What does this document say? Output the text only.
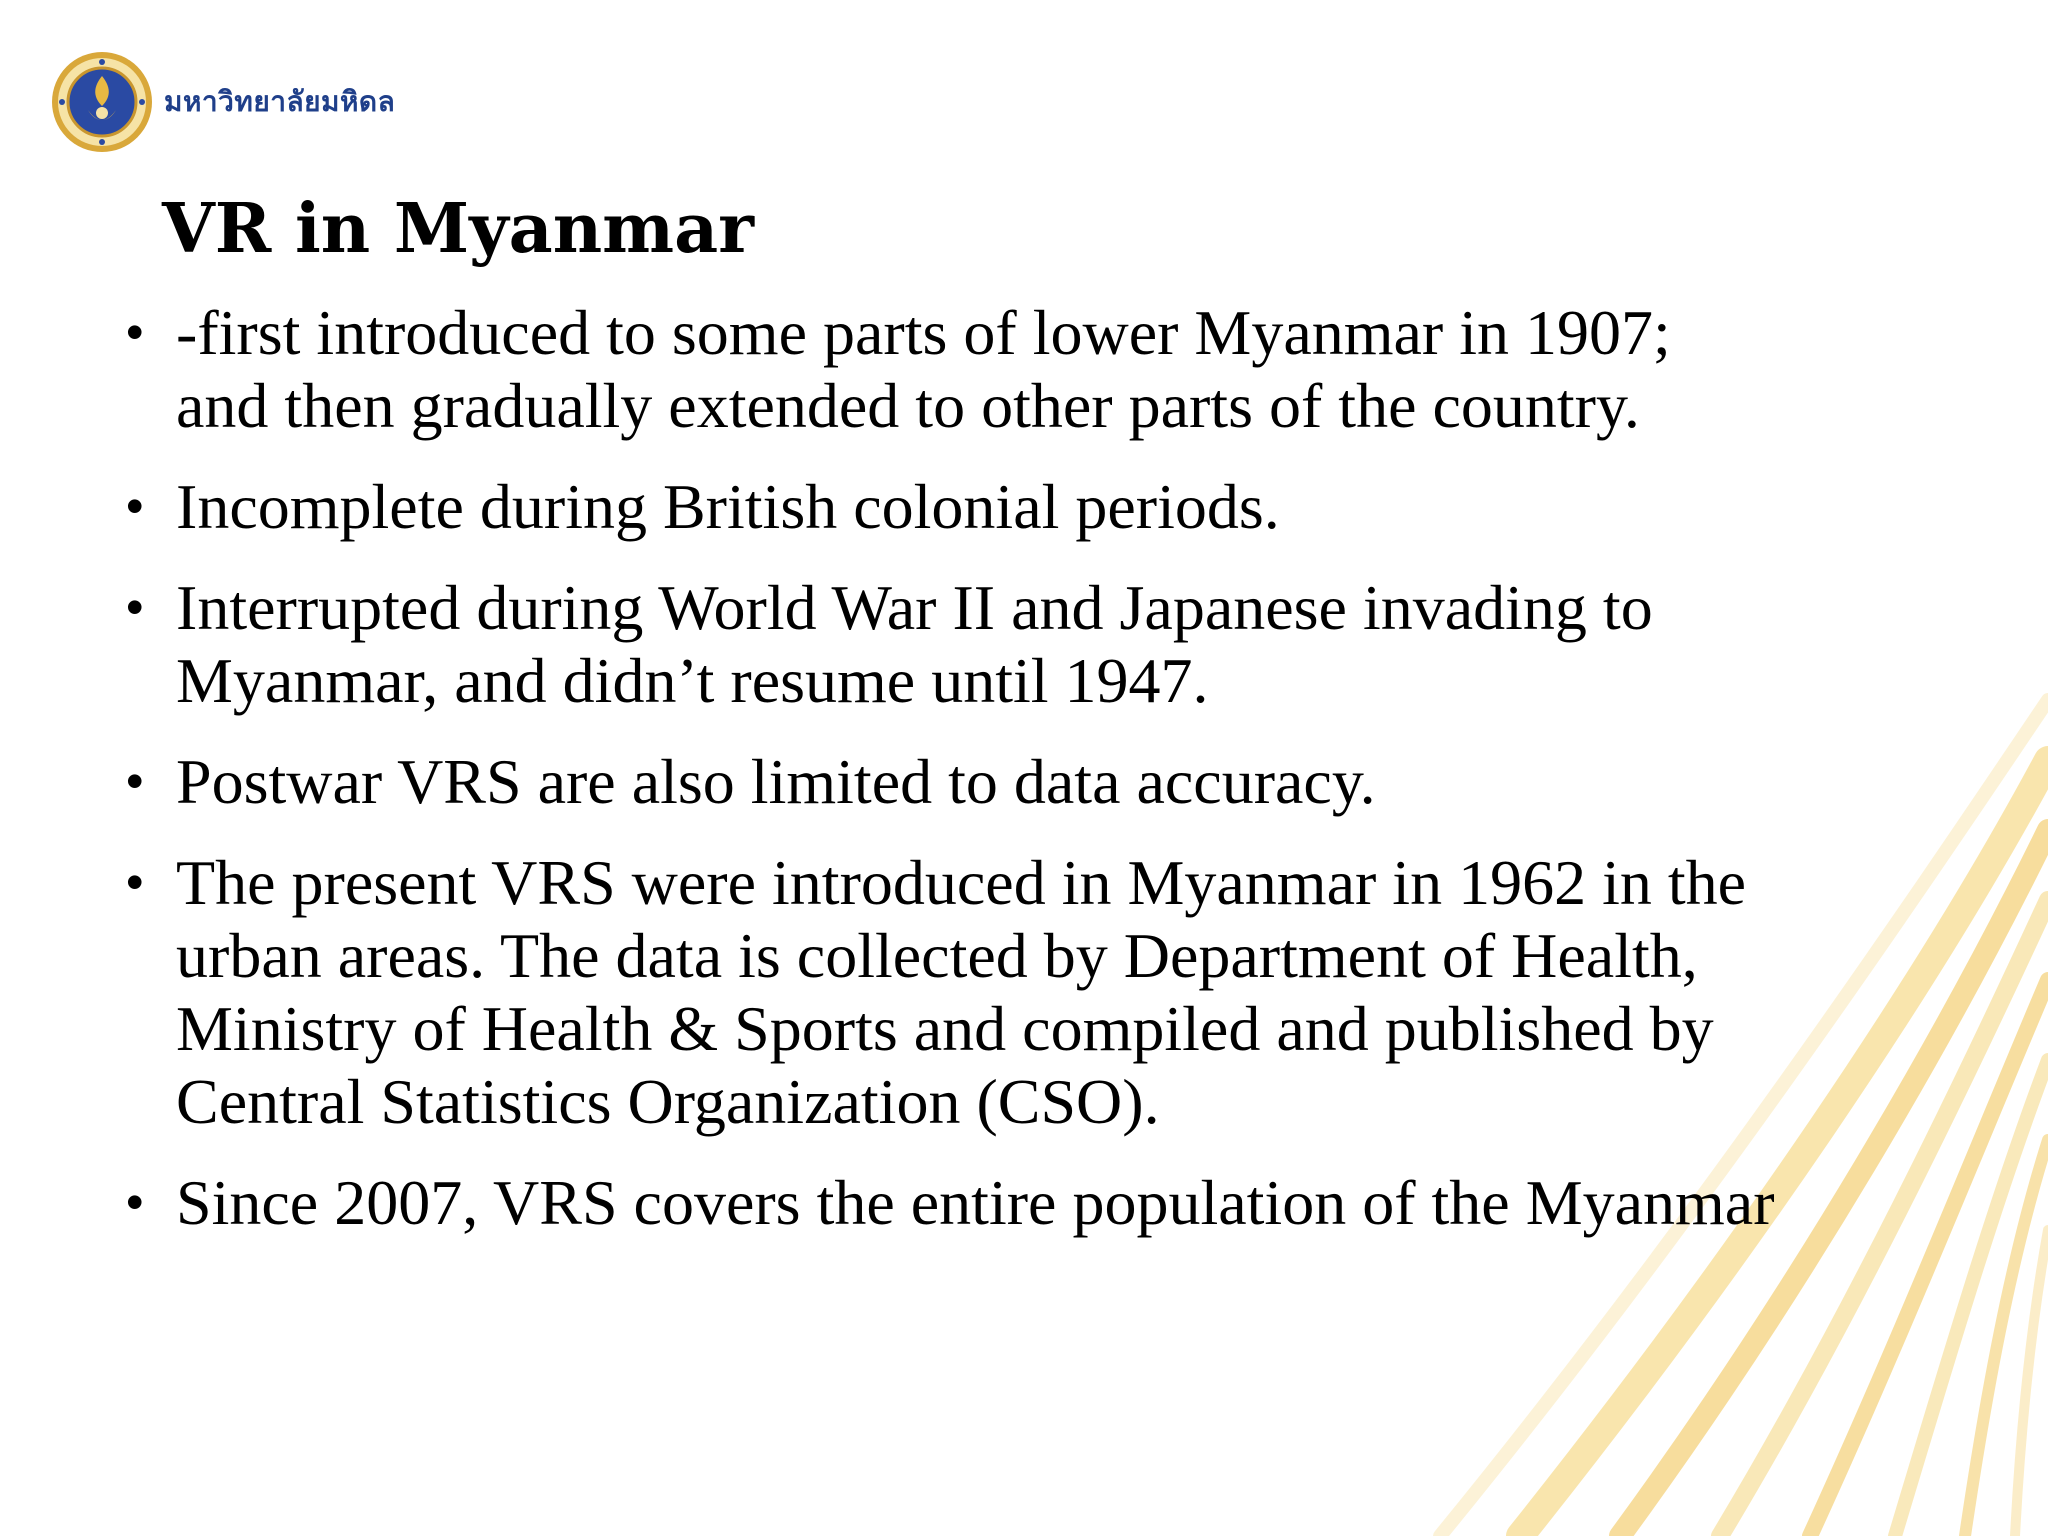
มหาวิทยาลัยมหิดล
VR in Myanmar
• -first introduced to some parts of lower Myanmar in 1907;
and then gradually extended to other parts of the country.
• Incomplete during British colonial periods.
• Interrupted during World War II and Japanese invading to
Myanmar, and didn’t resume until 1947.
• Postwar VRS are also limited to data accuracy.
• The present VRS were introduced in Myanmar in 1962 in the
urban areas. The data is collected by Department of Health,
Ministry of Health & Sports and compiled and published by
Central Statistics Organization (CSO).
• Since 2007, VRS covers the entire population of the Myanmar
